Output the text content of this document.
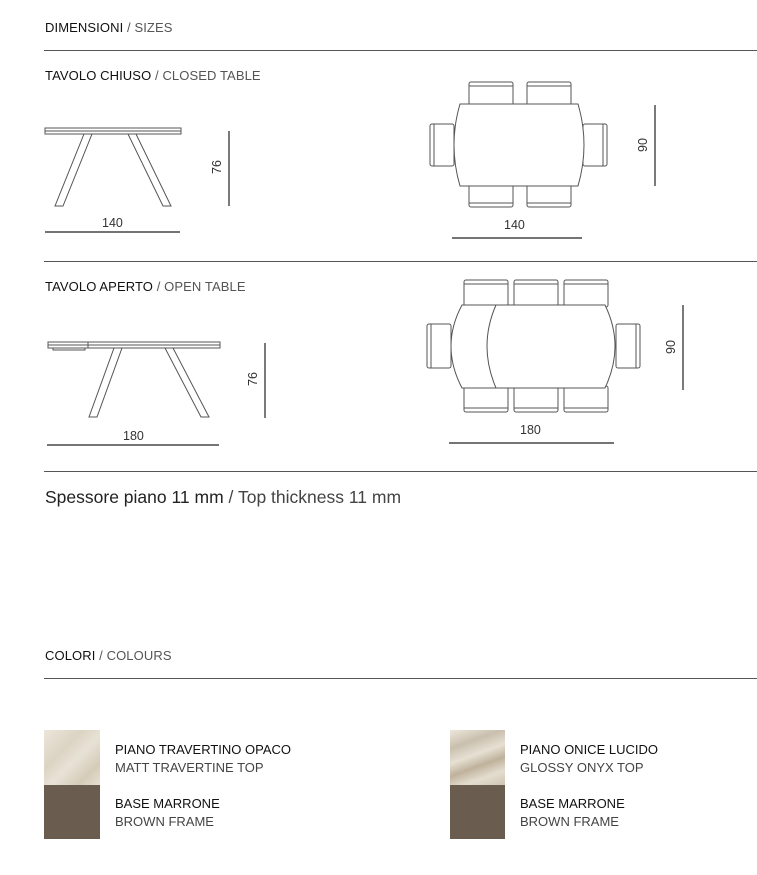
DIMENSIONI / SIZES
TAVOLO CHIUSO / CLOSED TABLE
140
76
140
90
TAVOLO APERTO / OPEN TABLE
180
76
180
90
Spessore piano 11 mm / Top thickness 11 mm
COLORI / COLOURS
PIANO TRAVERTINO OPACO
MATT TRAVERTINE TOP
BASE MARRONE
BROWN FRAME
PIANO ONICE LUCIDO
GLOSSY ONYX TOP
BASE MARRONE
BROWN FRAME
